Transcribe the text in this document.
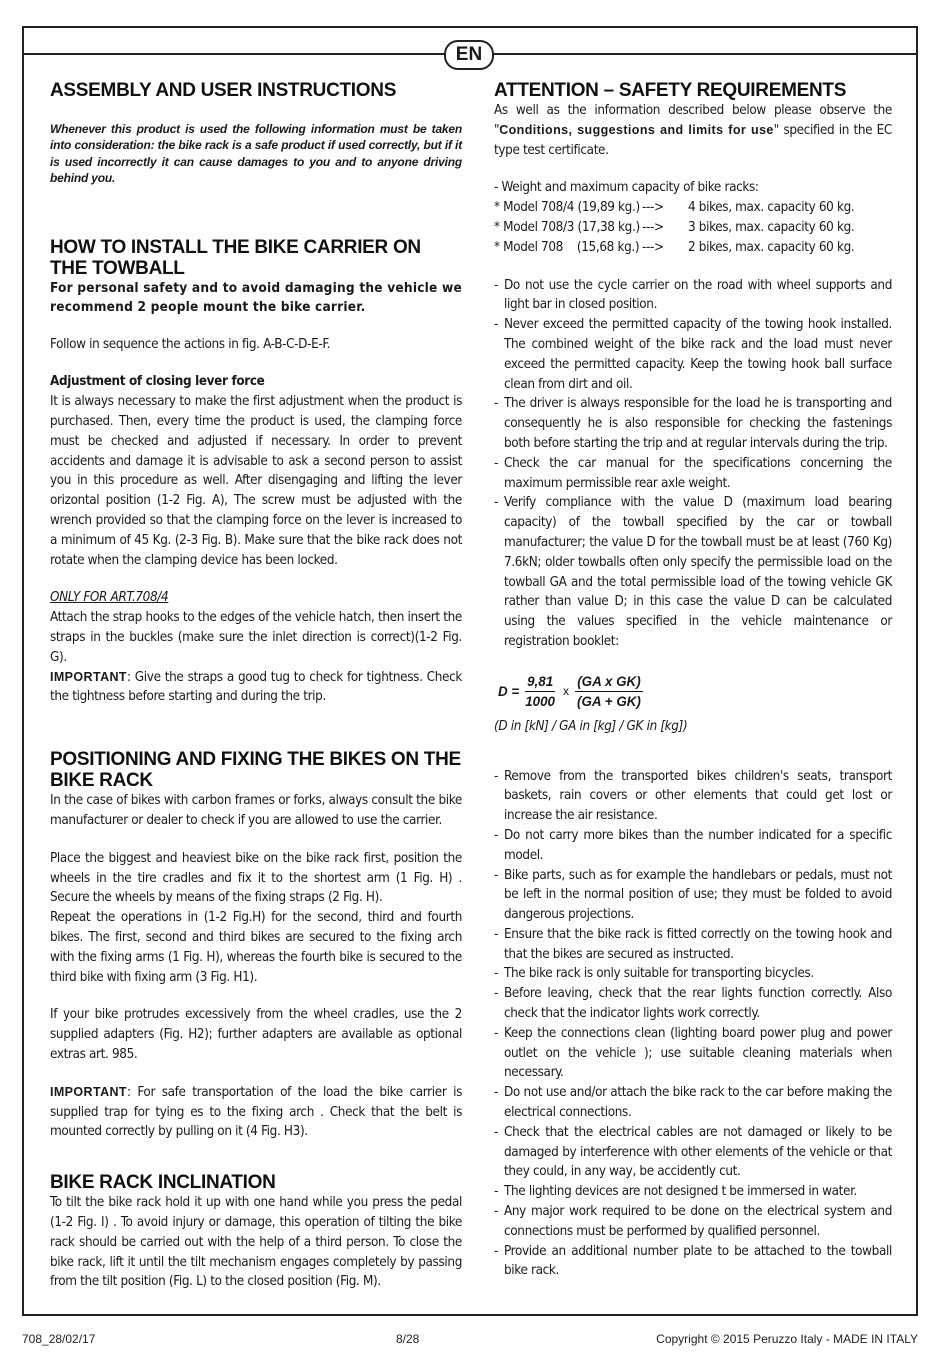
EN
ASSEMBLY AND USER INSTRUCTIONS

Whenever this product is used the following information must be taken into consideration: the bike rack is a safe product if used correctly, but if it is used incorrectly it can cause damages to you and to anyone driving behind you.

HOW TO INSTALL THE BIKE CARRIER ON THE TOWBALL

For personal safety and to avoid damaging the vehicle we recommend 2 people mount the bike carrier.

Follow in sequence the actions in fig. A-B-C-D-E-F.

Adjustment of closing lever force

It is always necessary to make the first adjustment when the product is purchased. Then, every time the product is used, the clamping force must be checked and adjusted if necessary. In order to prevent accidents and damage it is advisable to ask a second person to assist you in this procedure as well. After disengaging and lifting the lever orizontal position (1-2 Fig. A), The screw must be adjusted with the wrench provided so that the clamping force on the lever is increased to a minimum of 45 Kg. (2-3 Fig. B). Make sure that the bike rack does not rotate when the clamping device has been locked.

ONLY FOR ART.708/4

Attach the strap hooks to the edges of the vehicle hatch, then insert the straps in the buckles (make sure the inlet direction is correct)(1-2 Fig. G).

IMPORTANT: Give the straps a good tug to check for tightness. Check the tightness before starting and during the trip.

POSITIONING AND FIXING THE BIKES ON THE BIKE RACK

In the case of bikes with carbon frames or forks, always consult the bike manufacturer or dealer to check if you are allowed to use the carrier.

Place the biggest and heaviest bike on the bike rack first, position the wheels in the tire cradles and fix it to the shortest arm (1 Fig. H) . Secure the wheels by means of the fixing straps (2 Fig. H).

Repeat the operations in (1-2 Fig.H) for the second, third and fourth bikes. The first, second and third bikes are secured to the fixing arch with the fixing arms (1 Fig. H), whereas the fourth bike is secured to the third bike with fixing arm (3 Fig. H1).

If your bike protrudes excessively from the wheel cradles, use the 2 supplied adapters (Fig. H2); further adapters are available as optional extras art. 985.

IMPORTANT: For safe transportation of the load the bike carrier is supplied trap for tying es to the fixing arch . Check that the belt is mounted correctly by pulling on it (4 Fig. H3).

BIKE RACK INCLINATION

To tilt the bike rack hold it up with one hand while you press the pedal (1-2 Fig. I) . To avoid injury or damage, this operation of tilting the bike rack should be carried out with the help of a third person. To close the bike rack, lift it until the tilt mechanism engages completely by passing from the tilt position (Fig. L) to the closed position (Fig. M).

ATTENTION – SAFETY REQUIREMENTS

As well as the information described below please observe the "Conditions, suggestions and limits for use" specified in the EC type test certificate.

- Weight and maximum capacity of bike racks:

* Model 708/4 (19,89 kg.) --->	4 bikes, max. capacity 60 kg.
* Model 708/3 (17,38 kg.) --->	3 bikes, max. capacity 60 kg.
* Model 708    (15,68 kg.) --->	2 bikes, max. capacity 60 kg.
- Do not use the cycle carrier on the road with wheel supports and light bar in closed position.
- Never exceed the permitted capacity of the towing hook installed. The combined weight of the bike rack and the load must never exceed the permitted capacity. Keep the towing hook ball surface clean from dirt and oil.
- The driver is always responsible for the load he is transporting and consequently he is also responsible for checking the fastenings both before starting the trip and at regular intervals during the trip.
- Check the car manual for the specifications concerning the maximum permissible rear axle weight.
- Verify compliance with the value D (maximum load bearing capacity) of the towball specified by the car or towball manufacturer; the value D for the towball must be at least (760 Kg) 7.6kN; older towballs often only specify the permissible load on the towball GA and the total permissible load of the towing vehicle GK rather than value D; in this case the value D can be calculated using the values specified in the vehicle maintenance or registration booklet:
$D = \frac{9,81}{1000}$ x $\frac{\text{(GA x GK)}}{(GA + GK)}$
(D in [kN] / GA in [kg] / GK in [kg])
- Remove from the transported bikes children's seats, transport baskets, rain covers or other elements that could get lost or increase the air resistance.
- Do not carry more bikes than the number indicated for a specific model.
- Bike parts, such as for example the handlebars or pedals, must not be left in the normal position of use; they must be folded to avoid dangerous projections.
- Ensure that the bike rack is fitted correctly on the towing hook and that the bikes are secured as instructed.
- The bike rack is only suitable for transporting bicycles.
- Before leaving, check that the rear lights function correctly. Also check that the indicator lights work correctly.
- Keep the connections clean (lighting board power plug and power outlet on the vehicle ); use suitable cleaning materials when necessary.
- Do not use and/or attach the bike rack to the car before making the electrical connections.
- Check that the electrical cables are not damaged or likely to be damaged by interference with other elements of the vehicle or that they could, in any way, be accidently cut.
- The lighting devices are not designed t be immersed in water.
- Any major work required to be done on the electrical system and connections must be performed by qualified personnel.
- Provide an additional number plate to be attached to the towball bike rack.
708_28/02/17	8/28	Copyright © 2015 Peruzzo Italy - MADE IN ITALY
